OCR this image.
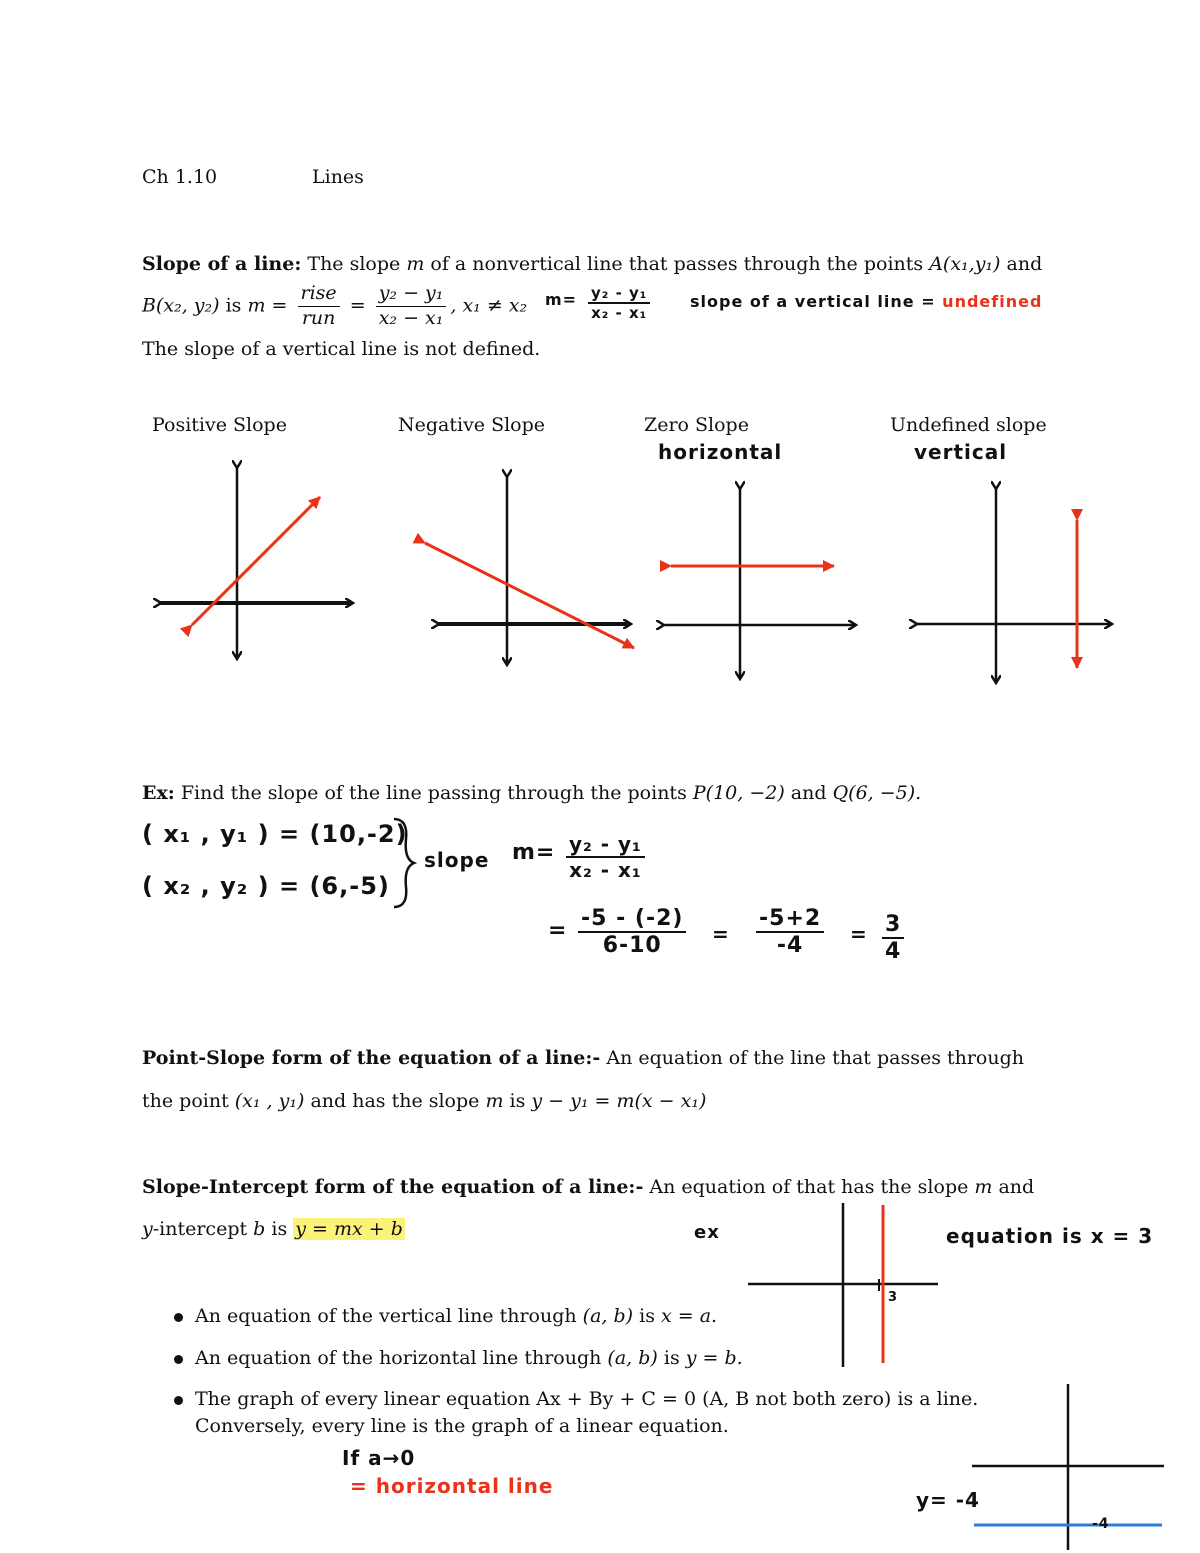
Ch 1.10	Lines
Slope of a line: The slope m of a nonvertical line that passes through the points A(x₁,y₁) and
B(x₂, y₂) is $m = \frac{\text{rise}}{\text{run}} = \frac{\text{y₂ − y₁}}{\text{x₂ − x₁}}$ , x₁ ≠ x₂
The slope of a vertical line is not defined.
$m= \frac{\text{y₂ - y₁}}{\text{x₂ - x₁}}$ slope of a vertical line = undefined
Positive Slope	Negative Slope	Zero Slope	Undefined slope
horizontal	vertical
Ex: Find the slope of the line passing through the points P(10, −2) and Q(6, −5).
( x₁ , y₁ ) = (10,-2)
( x₂ , y₂ ) = (6,-5)
slope $m= \frac{\text{y₂ - y₁}}{\text{x₂ - x₁}}$
= $\frac{-5 - (-2)}{6-10} = \frac{-5+2}{-4} = \frac{3}{4}$
Point-Slope form of the equation of a line:- An equation of the line that passes through
the point (x₁ , y₁) and has the slope m is y − y₁ = m(x − x₁)
Slope-Intercept form of the equation of a line:- An equation of that has the slope m and
y-intercept b is y = mx + b	ex
3
equation is x = 3
An equation of the vertical line through (a, b) is x = a.
An equation of the horizontal line through (a, b) is y = b.
The graph of every linear equation Ax + By + C = 0 (A, B not both zero) is a line.
Conversely, every line is the graph of a linear equation.
If a→0
= horizontal line
y= -4
-4
